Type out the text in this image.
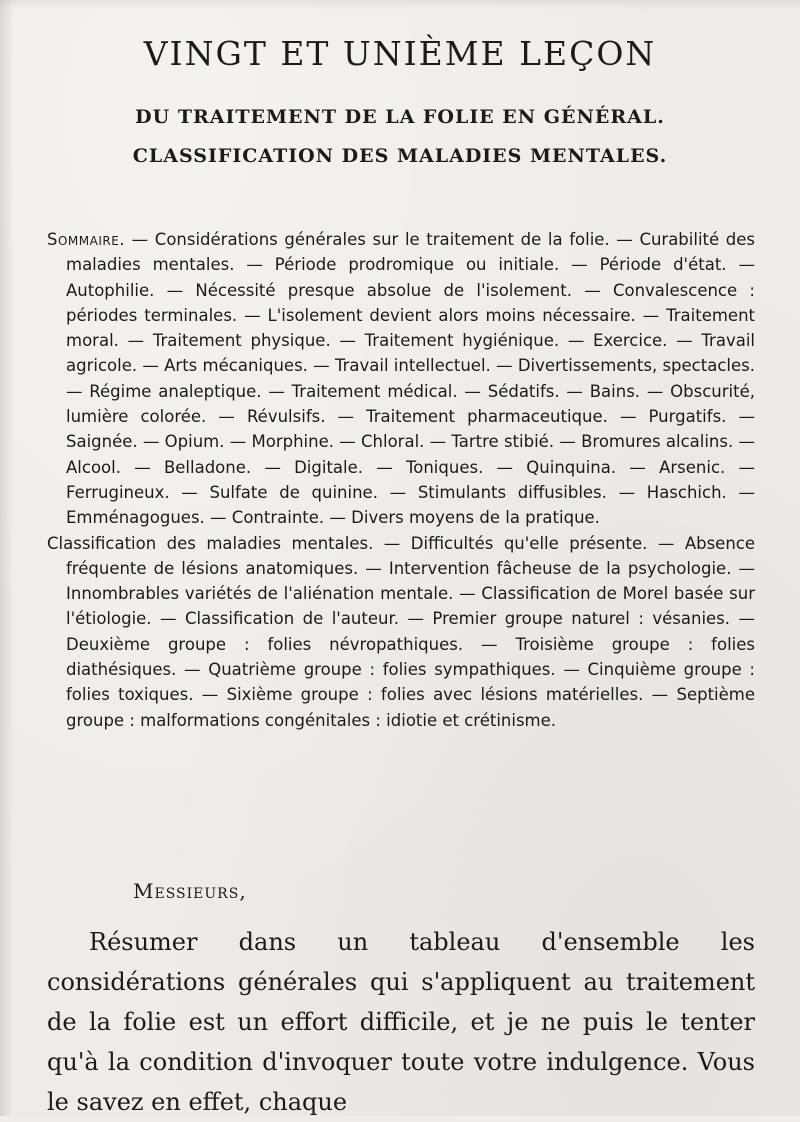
VINGT ET UNIÈME LEÇON
DU TRAITEMENT DE LA FOLIE EN GÉNÉRAL.
CLASSIFICATION DES MALADIES MENTALES.

Sommaire. — Considérations générales sur le traitement de la folie. — Curabilité des maladies mentales. — Période prodromique ou initiale. — Période d'état. — Autophilie. — Nécessité presque absolue de l'isolement. — Convalescence : périodes terminales. — L'isolement devient alors moins nécessaire. — Traitement moral. — Traitement physique. — Traitement hygiénique. — Exercice. — Travail agricole. — Arts mécaniques. — Travail intellectuel. — Divertissements, spectacles. — Régime analeptique. — Traitement médical. — Sédatifs. — Bains. — Obscurité, lumière colorée. — Révulsifs. — Traitement pharmaceutique. — Purgatifs. — Saignée. — Opium. — Morphine. — Chloral. — Tartre stibié. — Bromures alcalins. — Alcool. — Belladone. — Digitale. — Toniques. — Quinquina. — Arsenic. — Ferrugineux. — Sulfate de quinine. — Stimulants diffusibles. — Haschich. — Emménagogues. — Contrainte. — Divers moyens de la pratique.

Classification des maladies mentales. — Difficultés qu'elle présente. — Absence fréquente de lésions anatomiques. — Intervention fâcheuse de la psychologie. — Innombrables variétés de l'aliénation mentale. — Classification de Morel basée sur l'étiologie. — Classification de l'auteur. — Premier groupe naturel : vésanies. — Deuxième groupe : folies névropathiques. — Troisième groupe : folies diathésiques. — Quatrième groupe : folies sympathiques. — Cinquième groupe : folies toxiques. — Sixième groupe : folies avec lésions matérielles. — Septième groupe : malformations congénitales : idiotie et crétinisme.

Messieurs,

Résumer dans un tableau d'ensemble les considérations générales qui s'appliquent au traitement de la folie est un effort difficile, et je ne puis le tenter qu'à la condition d'invoquer toute votre indulgence. Vous le savez en effet, chaque
